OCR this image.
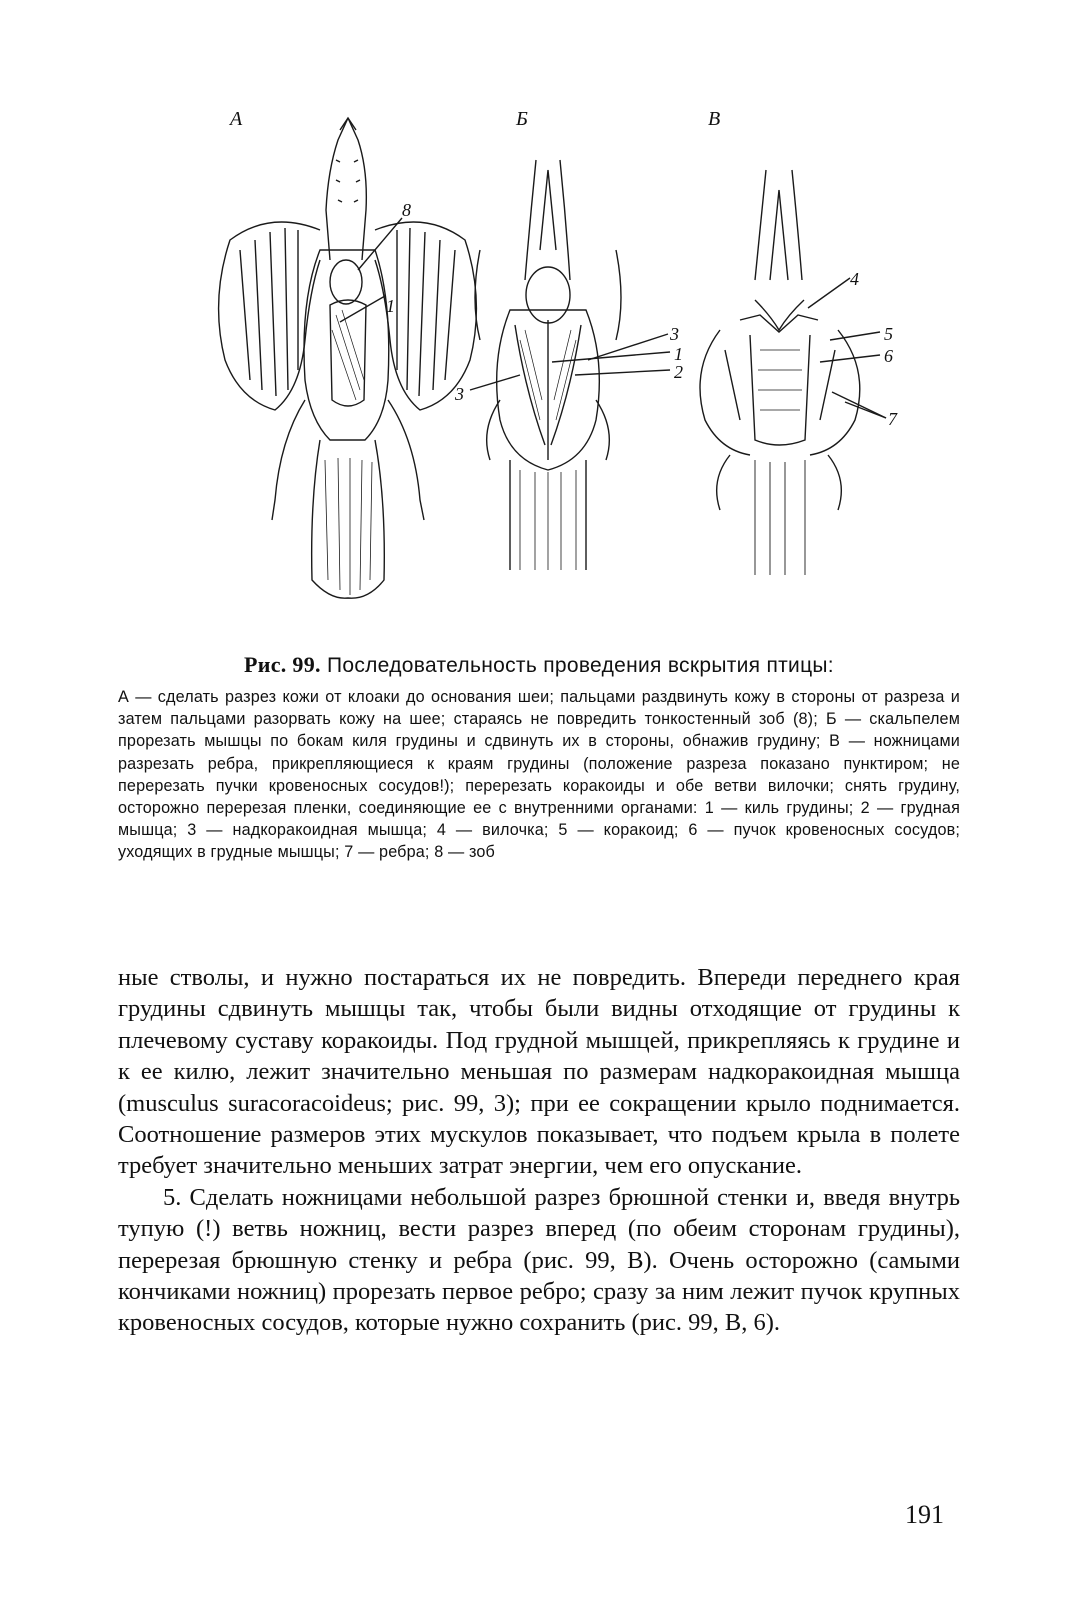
А	Б	В
8
1
3
3
1
2
4
5
6
7

Рис. 99. Последовательность проведения вскрытия птицы:

А — сделать разрез кожи от клоаки до основания шеи; пальцами раздвинуть кожу в стороны от разреза и затем пальцами разорвать кожу на шее; стараясь не повредить тонкостенный зоб (8); Б — скальпелем прорезать мышцы по бокам киля грудины и сдвинуть их в стороны, обнажив грудину; В — ножницами разрезать ребра, прикрепляющиеся к краям грудины (положение разреза показано пунктиром; не перерезать пучки кровеносных сосудов!); перерезать коракоиды и обе ветви вилочки; снять грудину, осторожно перерезая пленки, соединяющие ее с внутренними органами: 1 — киль грудины; 2 — грудная мышца; 3 — надкоракоидная мышца; 4 — вилочка; 5 — коракоид; 6 — пучок кровеносных сосудов; уходящих в грудные мышцы; 7 — ребра; 8 — зоб

ные стволы, и нужно постараться их не повредить. Впереди переднего края грудины сдвинуть мышцы так, чтобы были видны отходящие от грудины к плечевому суставу коракоиды. Под грудной мышцей, прикрепляясь к грудине и к ее килю, лежит значительно меньшая по размерам надкоракоидная мышца (musculus suracoracoideus; рис. 99, 3); при ее сокращении крыло поднимается. Соотношение размеров этих мускулов показывает, что подъем крыла в полете требует значительно меньших затрат энергии, чем его опускание.

5. Сделать ножницами небольшой разрез брюшной стенки и, введя внутрь тупую (!) ветвь ножниц, вести разрез вперед (по обеим сторонам грудины), перерезая брюшную стенку и ребра (рис. 99, В). Очень осторожно (самыми кончиками ножниц) прорезать первое ребро; сразу за ним лежит пучок крупных кровеносных сосудов, которые нужно сохранить (рис. 99, В, 6).

191
